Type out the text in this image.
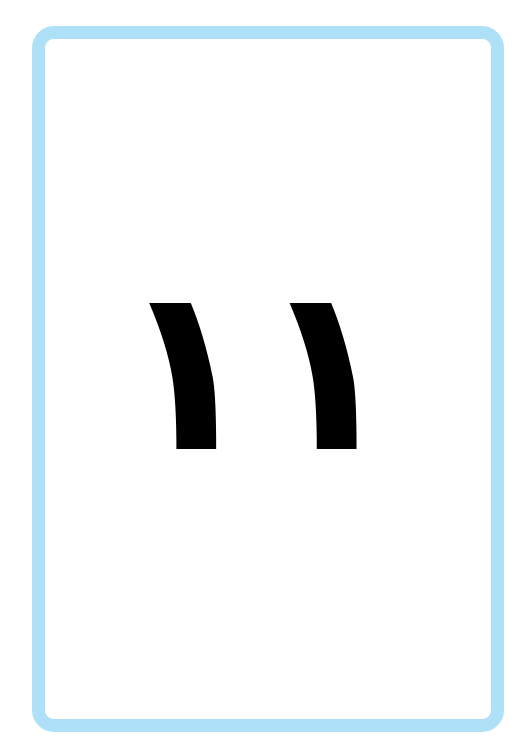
١١
